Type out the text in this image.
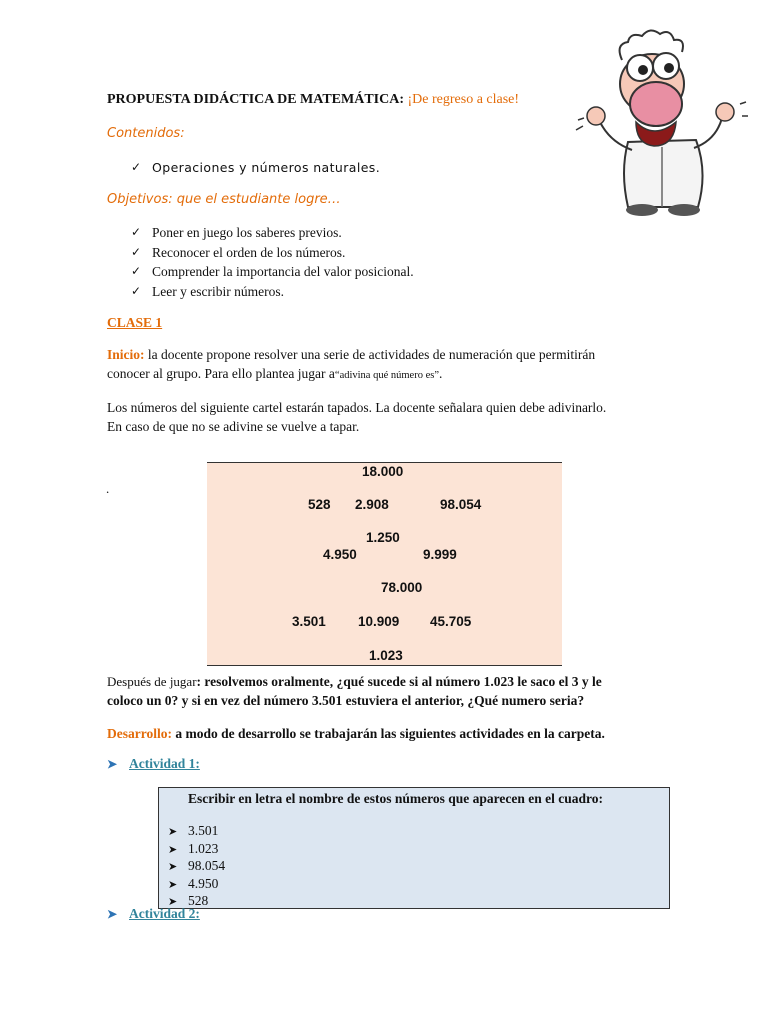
PROPUESTA DIDÁCTICA DE MATEMÁTICA: ¡De regreso a clase!
Contenidos:
✓ Operaciones y números naturales.
Objetivos: que el estudiante logre…
✓ Poner en juego los saberes previos.
✓ Reconocer el orden de los números.
✓ Comprender la importancia del valor posicional.
✓ Leer y escribir números.
CLASE 1
Inicio: la docente propone resolver una serie de actividades de numeración que permitirán
conocer al grupo. Para ello plantea jugar a“adivina qué número es”.
Los números del siguiente cartel estarán tapados. La docente señalara quien debe adivinarlo.
En caso de que no se adivine se vuelve a tapar.
.
18.000
528 2.908	98.054
1.250
4.950	9.999
78.000
3.501 10.909 45.705
1.023
Después de jugar: resolvemos oralmente, ¿qué sucede si al número 1.023 le saco el 3 y le
coloco un 0? y si en vez del número 3.501 estuviera el anterior, ¿Qué numero seria?
Desarrollo: a modo de desarrollo se trabajarán las siguientes actividades en la carpeta.
➤ Actividad 1:
Escribir en letra el nombre de estos números que aparecen en el cuadro:
➤ 3.501
➤ 1.023
➤ 98.054
➤ 4.950
➤ 528
➤ Actividad 2:
